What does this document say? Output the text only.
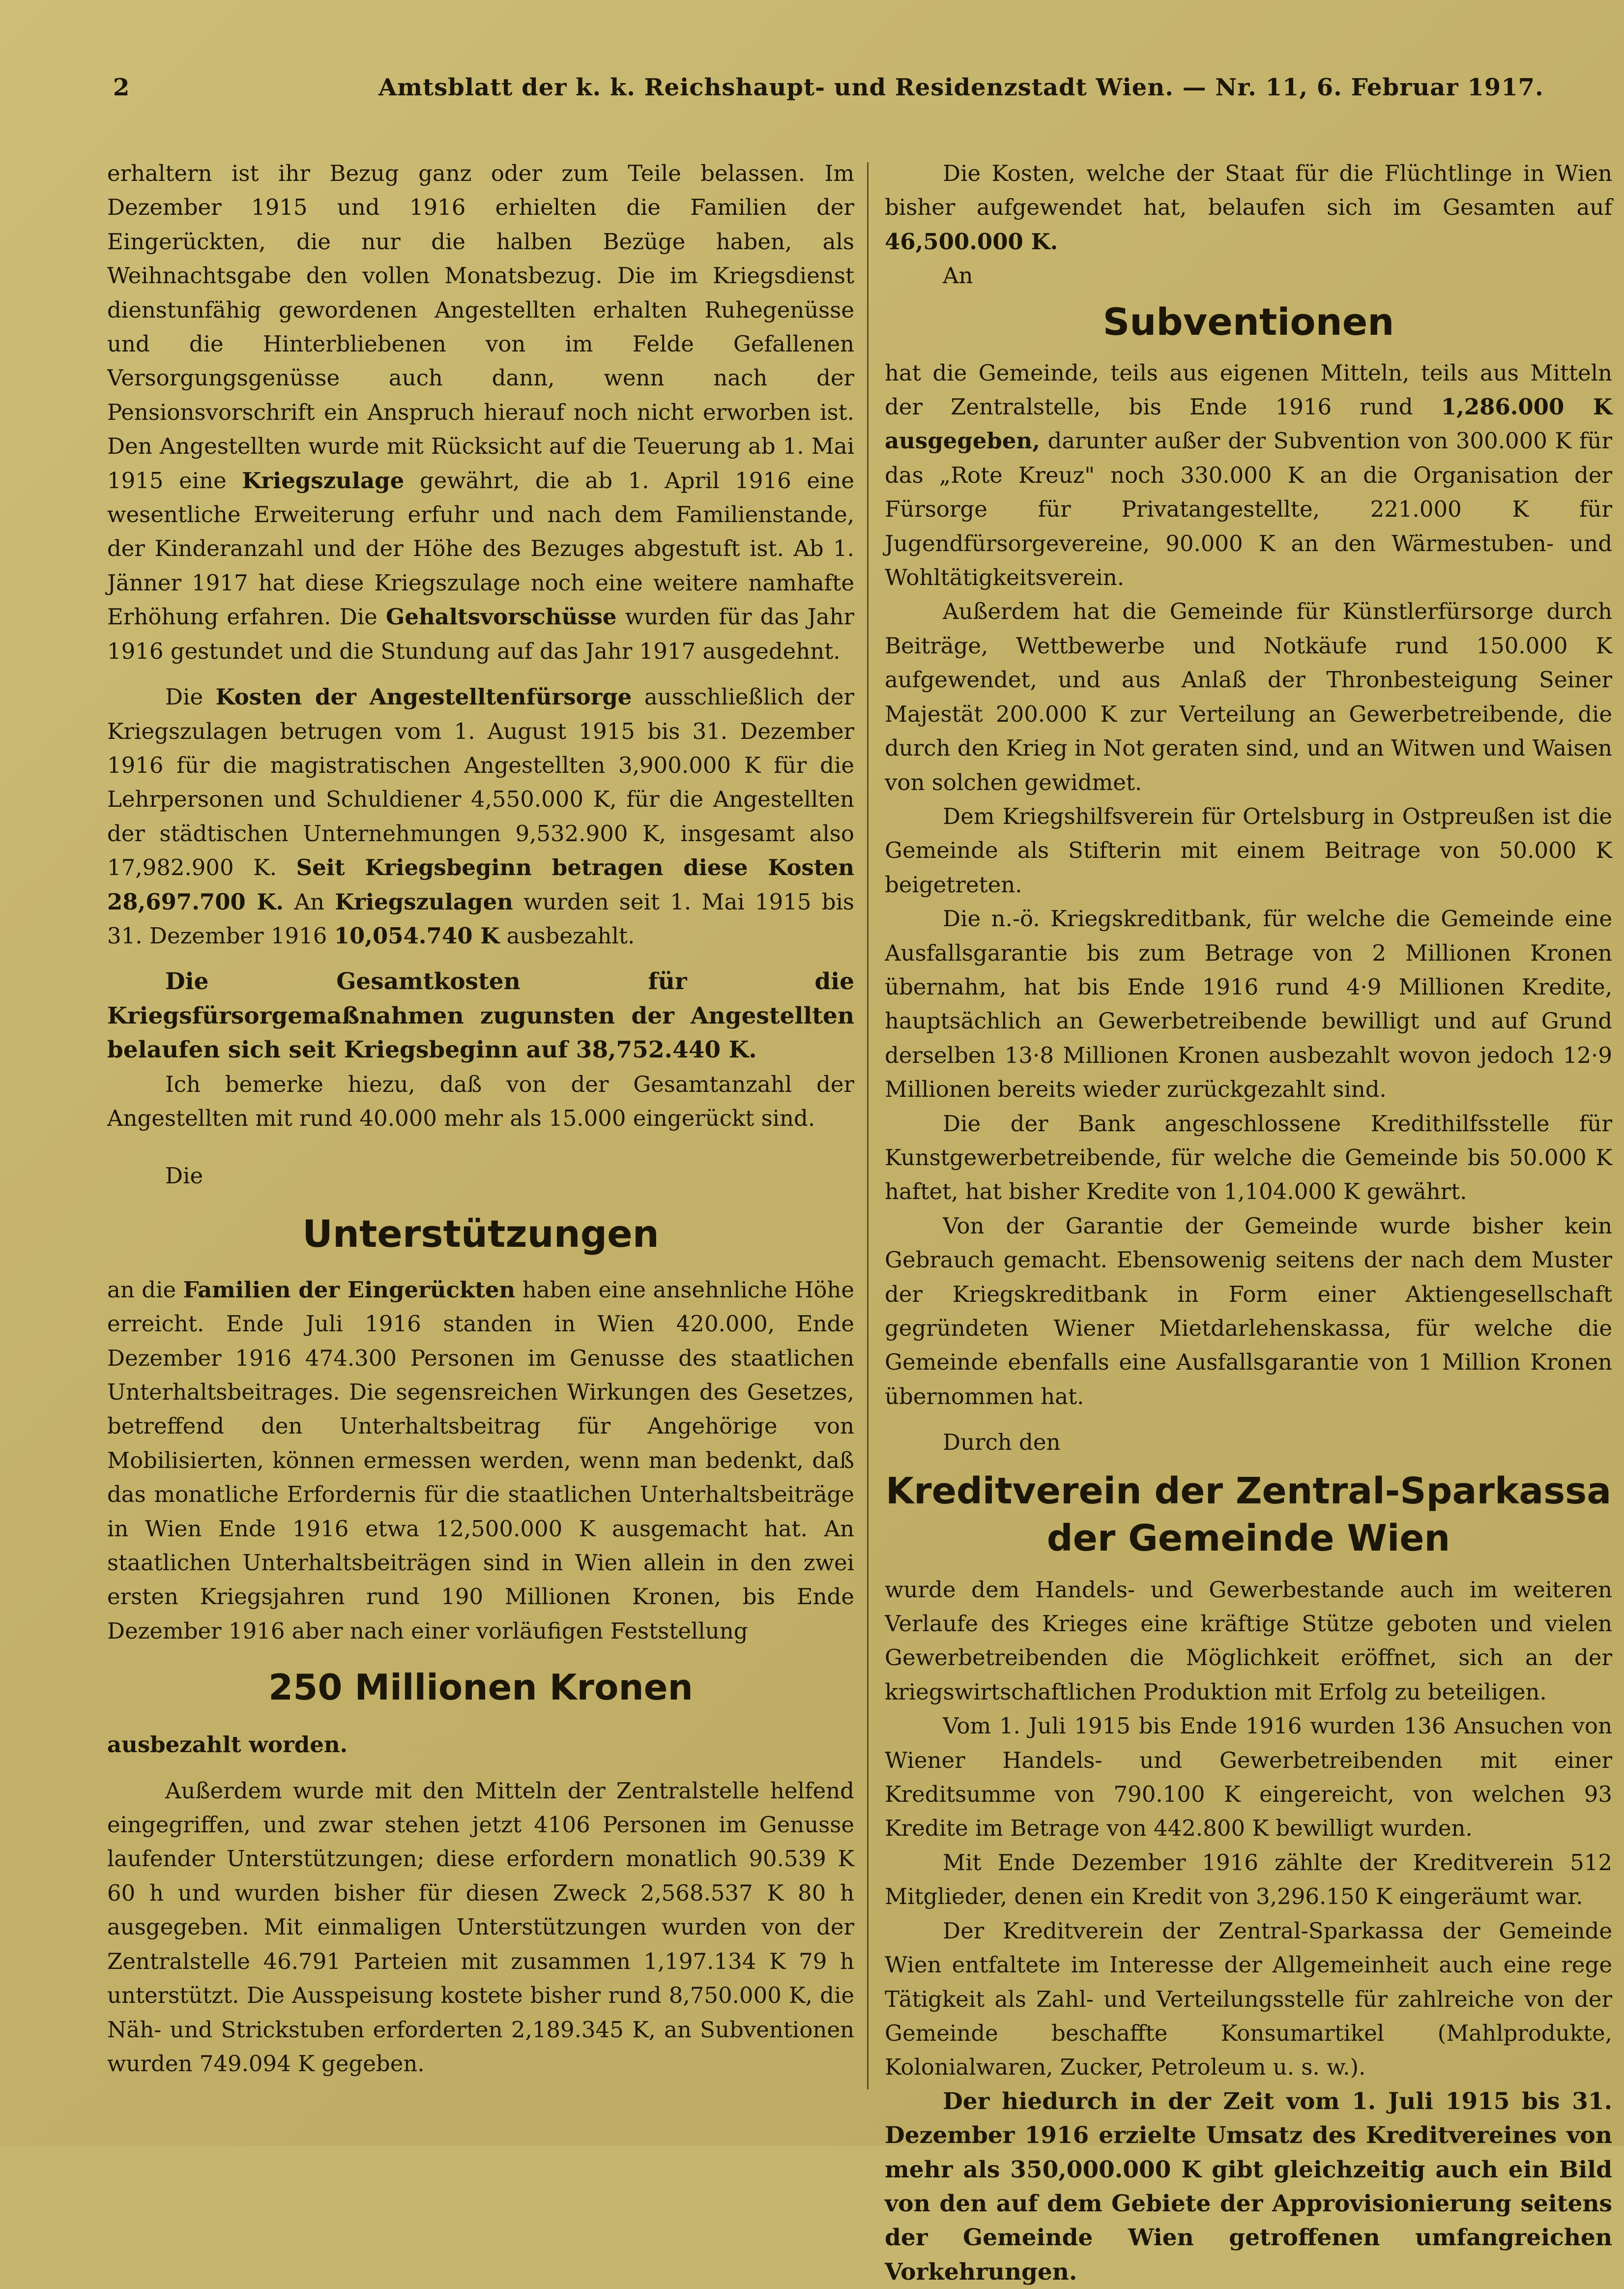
2	Amtsblatt der k. k. Reichshaupt- und Residenzstadt Wien. — Nr. 11, 6. Februar 1917.

erhaltern ist ihr Bezug ganz oder zum Teile belassen. Im Dezember 1915 und 1916 erhielten die Familien der Eingerückten, die nur die halben Bezüge haben, als Weihnachtsgabe den vollen Monatsbezug. Die im Kriegsdienst dienstunfähig gewordenen Angestellten erhalten Ruhegenüsse und die Hinterbliebenen von im Felde Gefallenen Versorgungsgenüsse auch dann, wenn nach der Pensionsvorschrift ein Anspruch hierauf noch nicht erworben ist. Den Angestellten wurde mit Rücksicht auf die Teuerung ab 1. Mai 1915 eine Kriegszulage gewährt, die ab 1. April 1916 eine wesentliche Erweiterung erfuhr und nach dem Familienstande, der Kinderanzahl und der Höhe des Bezuges abgestuft ist. Ab 1. Jänner 1917 hat diese Kriegszulage noch eine weitere namhafte Erhöhung erfahren. Die Gehaltsvorschüsse wurden für das Jahr 1916 gestundet und die Stundung auf das Jahr 1917 ausgedehnt.

Die Kosten der Angestelltenfürsorge ausschließlich der Kriegszulagen betrugen vom 1. August 1915 bis 31. Dezember 1916 für die magistratischen Angestellten 3,900.000 K für die Lehrpersonen und Schuldiener 4,550.000 K, für die Angestellten der städtischen Unternehmungen 9,532.900 K, insgesamt also 17,982.900 K. Seit Kriegsbeginn betragen diese Kosten 28,697.700 K. An Kriegszulagen wurden seit 1. Mai 1915 bis 31. Dezember 1916 10,054.740 K ausbezahlt.

Die Gesamtkosten für die Kriegsfürsorgemaßnahmen zugunsten der Angestellten belaufen sich seit Kriegsbeginn auf 38,752.440 K.

Ich bemerke hiezu, daß von der Gesamtanzahl der Angestellten mit rund 40.000 mehr als 15.000 eingerückt sind.

Die

Unterstützungen

an die Familien der Eingerückten haben eine ansehnliche Höhe erreicht. Ende Juli 1916 standen in Wien 420.000, Ende Dezember 1916 474.300 Personen im Genusse des staatlichen Unterhaltsbeitrages. Die segensreichen Wirkungen des Gesetzes, betreffend den Unterhaltsbeitrag für Angehörige von Mobilisierten, können ermessen werden, wenn man bedenkt, daß das monatliche Erfordernis für die staatlichen Unterhaltsbeiträge in Wien Ende 1916 etwa 12,500.000 K ausgemacht hat. An staatlichen Unterhaltsbeiträgen sind in Wien allein in den zwei ersten Kriegsjahren rund 190 Millionen Kronen, bis Ende Dezember 1916 aber nach einer vorläufigen Feststellung

250 Millionen Kronen

ausbezahlt worden.

Außerdem wurde mit den Mitteln der Zentralstelle helfend eingegriffen, und zwar stehen jetzt 4106 Personen im Genusse laufender Unterstützungen; diese erfordern monatlich 90.539 K 60 h und wurden bisher für diesen Zweck 2,568.537 K 80 h ausgegeben. Mit einmaligen Unterstützungen wurden von der Zentralstelle 46.791 Parteien mit zusammen 1,197.134 K 79 h unterstützt. Die Ausspeisung kostete bisher rund 8,750.000 K, die Näh- und Strickstuben erforderten 2,189.345 K, an Subventionen wurden 749.094 K gegeben.

Die Kosten, welche der Staat für die Flüchtlinge in Wien bisher aufgewendet hat, belaufen sich im Gesamten auf 46,500.000 K.

An

Subventionen

hat die Gemeinde, teils aus eigenen Mitteln, teils aus Mitteln der Zentralstelle, bis Ende 1916 rund 1,286.000 K ausgegeben, darunter außer der Subvention von 300.000 K für das „Rote Kreuz" noch 330.000 K an die Organisation der Fürsorge für Privatangestellte, 221.000 K für Jugendfürsorgevereine, 90.000 K an den Wärmestuben- und Wohltätigkeitsverein.

Außerdem hat die Gemeinde für Künstlerfürsorge durch Beiträge, Wettbewerbe und Notkäufe rund 150.000 K aufgewendet, und aus Anlaß der Thronbesteigung Seiner Majestät 200.000 K zur Verteilung an Gewerbetreibende, die durch den Krieg in Not geraten sind, und an Witwen und Waisen von solchen gewidmet.

Dem Kriegshilfsverein für Ortelsburg in Ostpreußen ist die Gemeinde als Stifterin mit einem Beitrage von 50.000 K beigetreten.

Die n.-ö. Kriegskreditbank, für welche die Gemeinde eine Ausfallsgarantie bis zum Betrage von 2 Millionen Kronen übernahm, hat bis Ende 1916 rund 4·9 Millionen Kredite, hauptsächlich an Gewerbetreibende bewilligt und auf Grund derselben 13·8 Millionen Kronen ausbezahlt wovon jedoch 12·9 Millionen bereits wieder zurückgezahlt sind.

Die der Bank angeschlossene Kredithilfsstelle für Kunstgewerbetreibende, für welche die Gemeinde bis 50.000 K haftet, hat bisher Kredite von 1,104.000 K gewährt.

Von der Garantie der Gemeinde wurde bisher kein Gebrauch gemacht. Ebensowenig seitens der nach dem Muster der Kriegskreditbank in Form einer Aktiengesellschaft gegründeten Wiener Mietdarlehenskassa, für welche die Gemeinde ebenfalls eine Ausfallsgarantie von 1 Million Kronen übernommen hat.

Durch den

Kreditverein der Zentral-Sparkassa der Gemeinde Wien

wurde dem Handels- und Gewerbestande auch im weiteren Verlaufe des Krieges eine kräftige Stütze geboten und vielen Gewerbetreibenden die Möglichkeit eröffnet, sich an der kriegswirtschaftlichen Produktion mit Erfolg zu beteiligen.

Vom 1. Juli 1915 bis Ende 1916 wurden 136 Ansuchen von Wiener Handels- und Gewerbetreibenden mit einer Kreditsumme von 790.100 K eingereicht, von welchen 93 Kredite im Betrage von 442.800 K bewilligt wurden.

Mit Ende Dezember 1916 zählte der Kreditverein 512 Mitglieder, denen ein Kredit von 3,296.150 K eingeräumt war.

Der Kreditverein der Zentral-Sparkassa der Gemeinde Wien entfaltete im Interesse der Allgemeinheit auch eine rege Tätigkeit als Zahl- und Verteilungsstelle für zahlreiche von der Gemeinde beschaffte Konsumartikel (Mahlprodukte, Kolonialwaren, Zucker, Petroleum u. s. w.).

Der hiedurch in der Zeit vom 1. Juli 1915 bis 31. Dezember 1916 erzielte Umsatz des Kreditvereines von mehr als 350,000.000 K gibt gleichzeitig auch ein Bild von den auf dem Gebiete der Approvisionierung seitens der Gemeinde Wien getroffenen umfangreichen Vorkehrungen.
